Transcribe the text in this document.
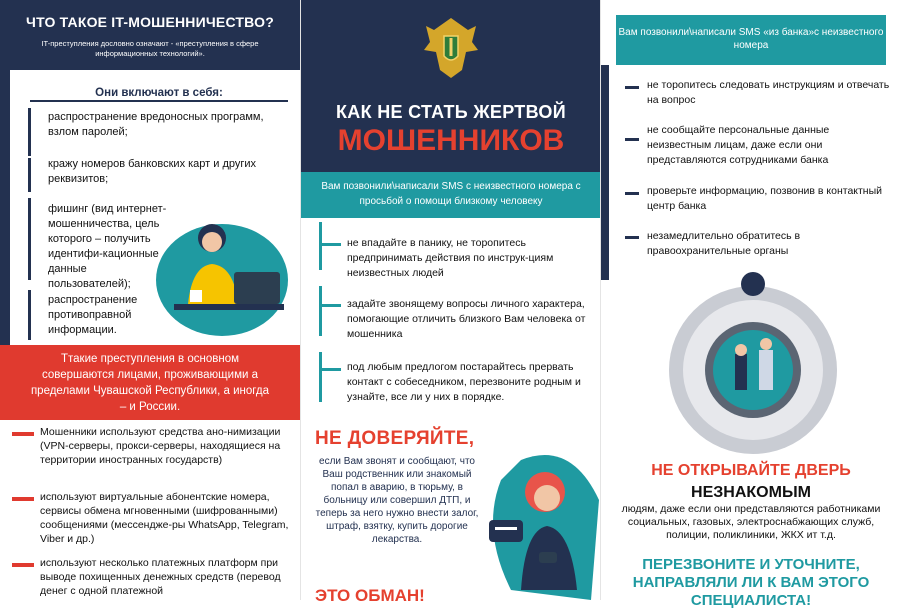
ЧТО ТАКОЕ IT-МОШЕННИЧЕСТВО?

IT-преступления дословно означают - «преступления в сфере информационных технологий».

Они включают в себя:
распространение вредоносных программ, взлом паролей;
кражу номеров банковских карт и других реквизитов;
фишинг (вид интернет-мошенничества, цель которого – получить идентифи-кационные данные пользователей);
распространение противоправной информации.
Ттакие преступления в основном совершаются лицами, проживающими а пределами Чувашской Республики, а иногда – и России.
Мошенники используют средства ано-нимизации (VPN-серверы, прокси-серверы, находящиеся на территории иностранных государств)
используют виртуальные абонентские номера, сервисы обмена мгновенными (шифрованными) сообщениями (мессендже-ры WhatsApp, Telegram, Viber и др.)
используют несколько платежных платформ при выводе похищенных денежных средств (перевод денег с одной платежной
КАК НЕ СТАТЬ ЖЕРТВОЙ
МОШЕННИКОВ
Вам позвонили\написали SMS с неизвестного номера с просьбой о помощи близкому человеку
не впадайте в панику, не торопитесь предпринимать действия по инструк-циям неизвестных людей
задайте звонящему вопросы личного характера, помогающие отличить близкого Вам человека от мошенника
под любым предлогом постарайтесь прервать контакт с собеседником, перезвоните родным и узнайте, все ли у них в порядке.
НЕ ДОВЕРЯЙТЕ,
если Вам звонят и сообщают, что Ваш родственник или знакомый попал в аварию, в тюрьму, в больницу или совершил ДТП, и теперь за него нужно внести залог, штраф, взятку, купить дорогие лекарства.
ЭТО ОБМАН!
Вам позвонили\написали SMS «из банка»с неизвестного номера
не торопитесь следовать инструкциям и отвечать на вопрос
не сообщайте персональные данные неизвестным лицам, даже если они представляются сотрудниками банка
проверьте информацию, позвонив в контактный центр банка
незамедлительно обратитесь в правоохранительные органы
НЕ ОТКРЫВАЙТЕ ДВЕРЬ
НЕЗНАКОМЫМ
людям, даже если они представляются работниками социальных, газовых, электроснабжающих служб, полиции, поликлиники, ЖКХ ит т.д.
ПЕРЕЗВОНИТЕ И УТОЧНИТЕ, НАПРАВЛЯЛИ ЛИ К ВАМ ЭТОГО СПЕЦИАЛИСТА!
